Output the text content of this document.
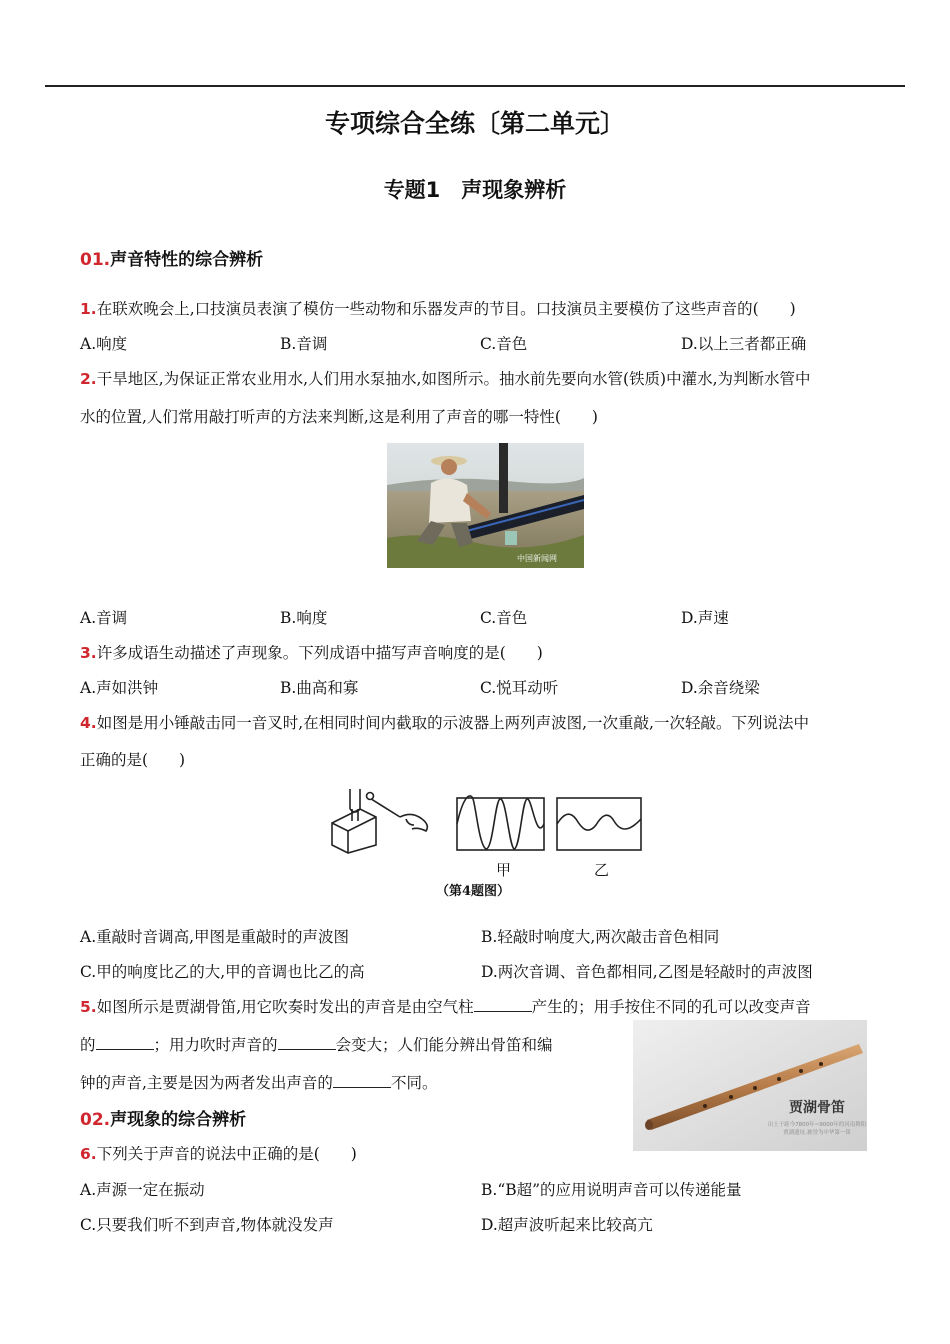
专项综合全练〔第二单元〕
专题1　声现象辨析
01.声音特性的综合辨析
1.在联欢晚会上,口技演员表演了模仿一些动物和乐器发声的节目。口技演员主要模仿了这些声音的(　　)
A.响度	B.音调	C.音色	D.以上三者都正确
2.干旱地区,为保证正常农业用水,人们用水泵抽水,如图所示。抽水前先要向水管(铁质)中灌水,为判断水管中
水的位置,人们常用敲打听声的方法来判断,这是利用了声音的哪一特性(　　)
中国新闻网
A.音调	B.响度	C.音色	D.声速
3.许多成语生动描述了声现象。下列成语中描写声音响度的是(　　)
A.声如洪钟	B.曲高和寡	C.悦耳动听	D.余音绕梁
4.如图是用小锤敲击同一音叉时,在相同时间内截取的示波器上两列声波图,一次重敲,一次轻敲。下列说法中
正确的是(　　)
甲	乙
（第4题图）
A.重敲时音调高,甲图是重敲时的声波图	B.轻敲时响度大,两次敲击音色相同
C.甲的响度比乙的大,甲的音调也比乙的高	D.两次音调、音色都相同,乙图是轻敲时的声波图
5.如图所示是贾湖骨笛,用它吹奏时发出的声音是由空气柱	产生的；用手按住不同的孔可以改变声音
的	；用力吹时声音的	会变大；人们能分辨出骨笛和编
钟的声音,主要是因为两者发出声音的	不同。
贾湖骨笛
出土于距今7800年~9000年的河南舞阳
贾湖遗址,被誉为中华第一笛
02.声现象的综合辨析
6.下列关于声音的说法中正确的是(　　)
A.声源一定在振动	B.“B超”的应用说明声音可以传递能量
C.只要我们听不到声音,物体就没发声	D.超声波听起来比较高亢
